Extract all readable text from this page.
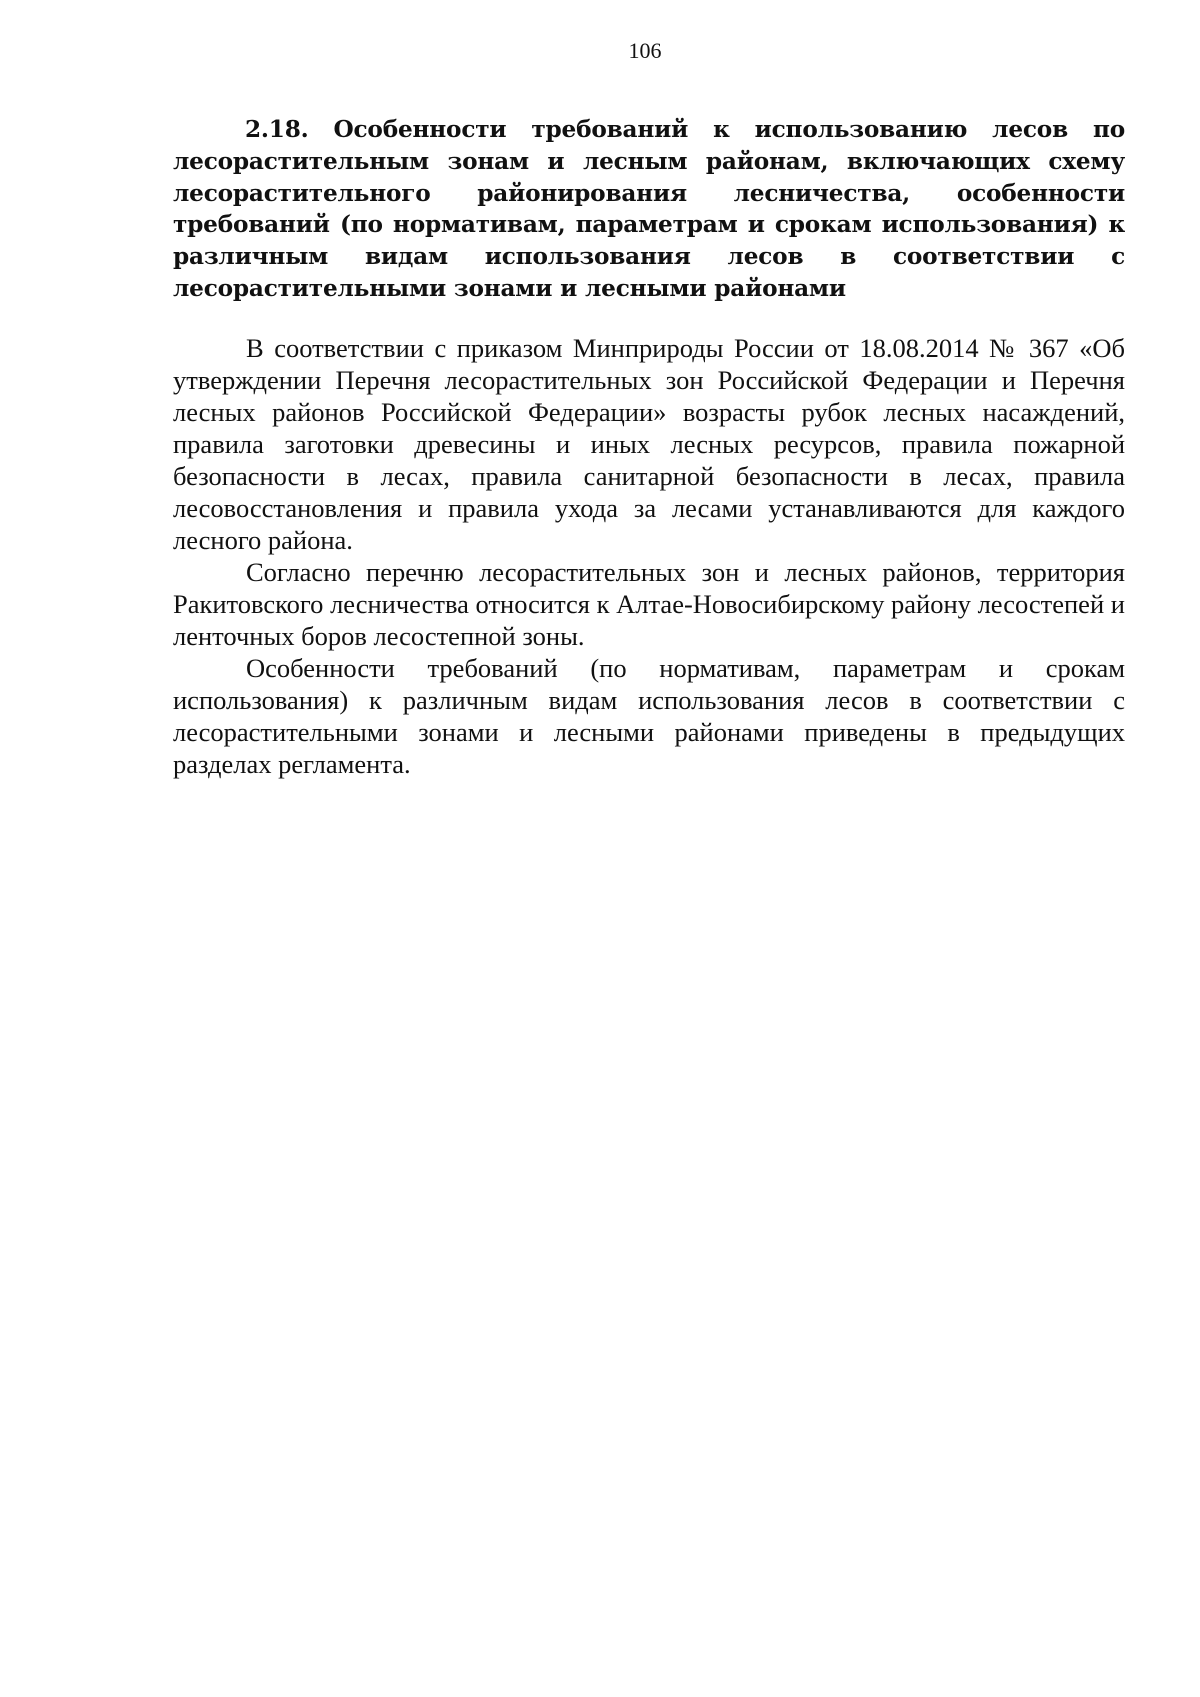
106
2.18. Особенности требований к использованию лесов по лесорастительным зонам и лесным районам, включающих схему лесорастительного районирования лесничества, особенности требований (по нормативам, параметрам и срокам использования) к различным видам использования лесов в соответствии с лесорастительными зонами и лесными районами

В соответствии с приказом Минприроды России от 18.08.2014 № 367 «Об утверждении Перечня лесорастительных зон Российской Федерации и Перечня лесных районов Российской Федерации» возрасты рубок лесных насаждений, правила заготовки древесины и иных лесных ресурсов, правила пожарной безопасности в лесах, правила санитарной безопасности в лесах, правила лесовосстановления и правила ухода за лесами устанавливаются для каждого лесного района.

Согласно перечню лесорастительных зон и лесных районов, территория Ракитовского лесничества относится к Алтае-Новосибирскому району лесостепей и ленточных боров лесостепной зоны.

Особенности требований (по нормативам, параметрам и срокам использования) к различным видам использования лесов в соответствии с лесорастительными зонами и лесными районами приведены в предыдущих разделах регламента.
